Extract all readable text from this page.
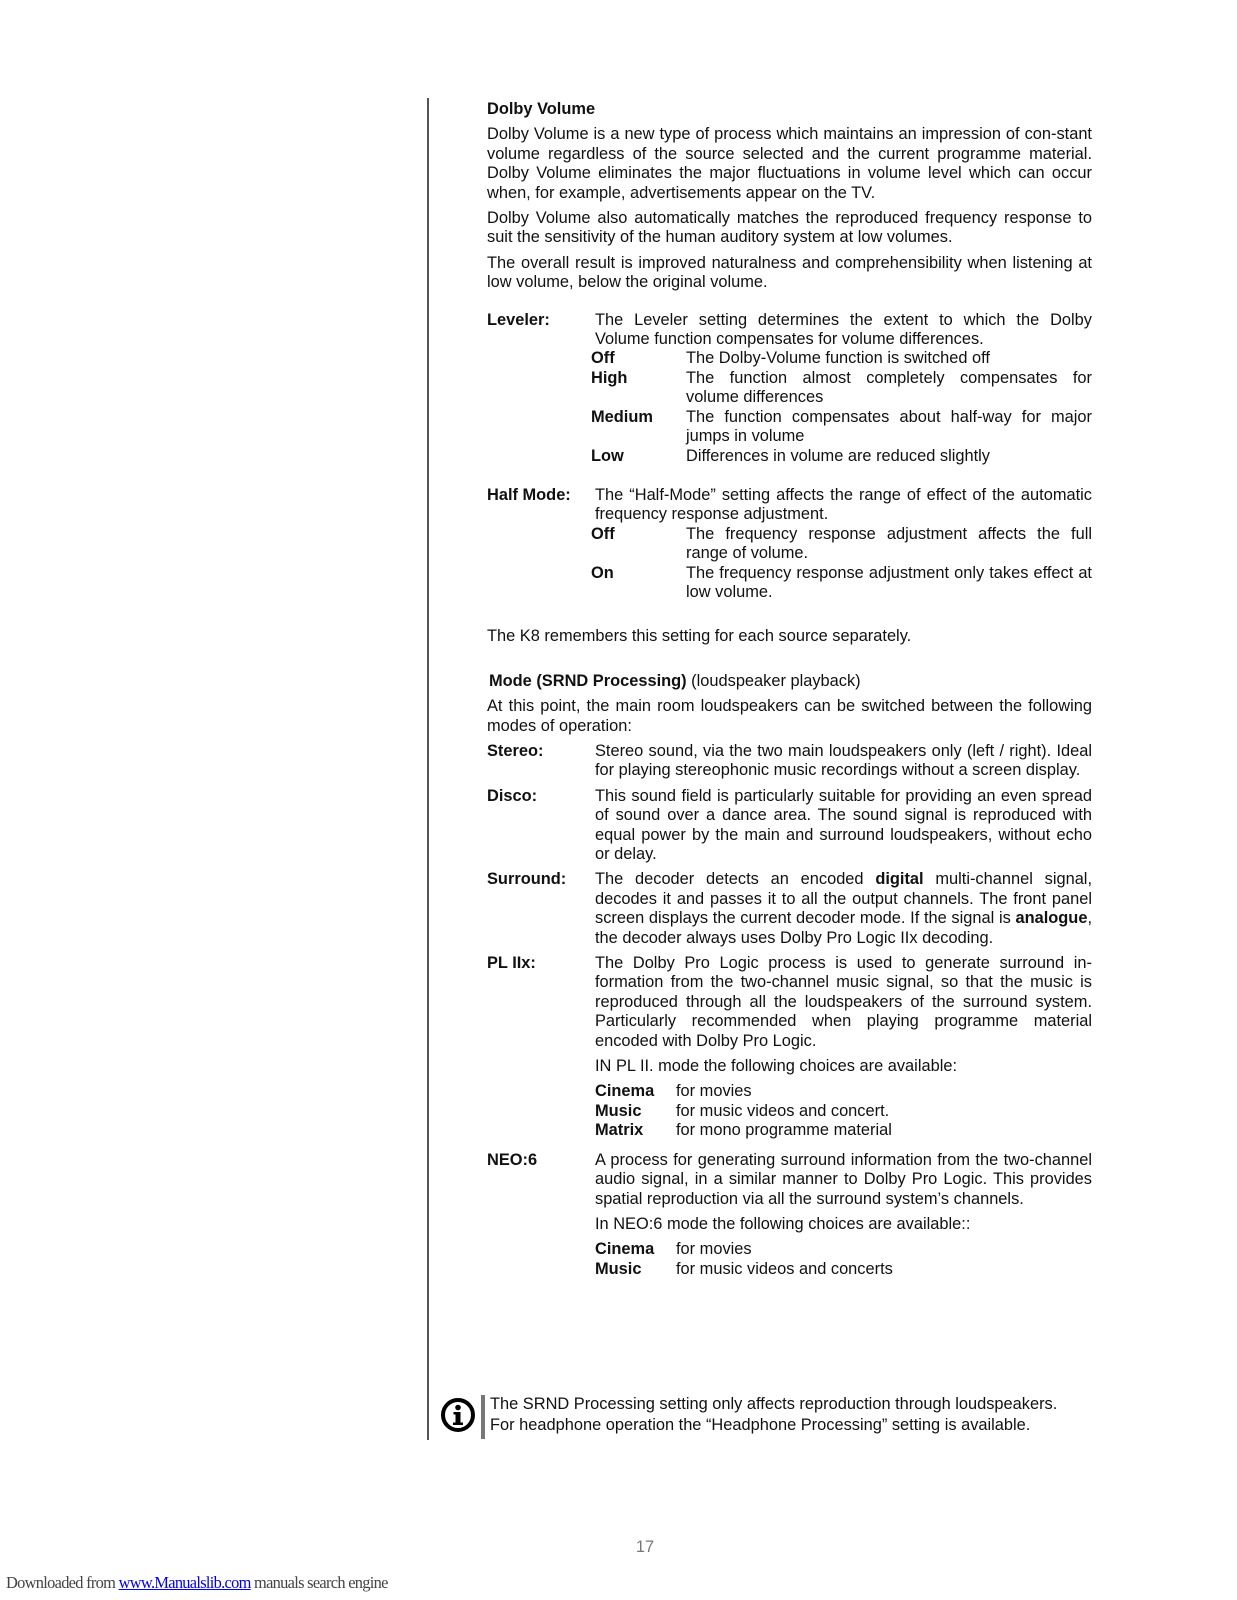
Dolby Volume

Dolby Volume is a new type of process which maintains an impression of con-stant volume regardless of the source selected and the current programme material. Dolby Volume eliminates the major fluctuations in volume level which can occur when, for example, advertisements appear on the TV.

Dolby Volume also automatically matches the reproduced frequency response to suit the sensitivity of the human auditory system at low volumes.

The overall result is improved naturalness and comprehensibility when listening at low volume, below the original volume.

Leveler:	The Leveler setting determines the extent to which the Dolby Volume function compensates for volume differences.

Off	The Dolby-Volume function is switched off

High	The function almost completely compensates for volume differences

Medium The function compensates about half-way for major jumps in volume

Low	Differences in volume are reduced slightly

Half Mode: The “Half-Mode” setting affects the range of effect of the automatic frequency response adjustment.

Off	The frequency response adjustment affects the full range of volume.

On	The frequency response adjustment only takes effect at low volume.

The K8 remembers this setting for each source separately.

Mode (SRND Processing) (loudspeaker playback)

At this point, the main room loudspeakers can be switched between the following modes of operation:

Stereo:	Stereo sound, via the two main loudspeakers only (left / right). Ideal for playing stereophonic music recordings without a screen display.

Disco:	This sound field is particularly suitable for providing an even spread of sound over a dance area. The sound signal is reproduced with equal power by the main and surround loudspeakers, without echo or delay.

Surround: The decoder detects an encoded digital multi-channel signal, decodes it and passes it to all the output channels. The front panel screen displays the current decoder mode. If the signal is analogue, the decoder always uses Dolby Pro Logic IIx decoding.

PL IIx:	The Dolby Pro Logic process is used to generate surround in-formation from the two-channel music signal, so that the music is reproduced through all the loudspeakers of the surround system. Particularly recommended when playing programme material encoded with Dolby Pro Logic.

IN PL II. mode the following choices are available:

Cinema for movies
Music for music videos and concert.
Matrix for mono programme material
NEO:6	A process for generating surround information from the two-channel audio signal, in a similar manner to Dolby Pro Logic. This provides spatial reproduction via all the surround system’s channels.

In NEO:6 mode the following choices are available::

Cinema for movies
Music for music videos and concerts
The SRND Processing setting only affects reproduction through loudspeakers.
For headphone operation the “Headphone Processing” setting is available.
17
Downloaded from www.Manualslib.com manuals search engine
